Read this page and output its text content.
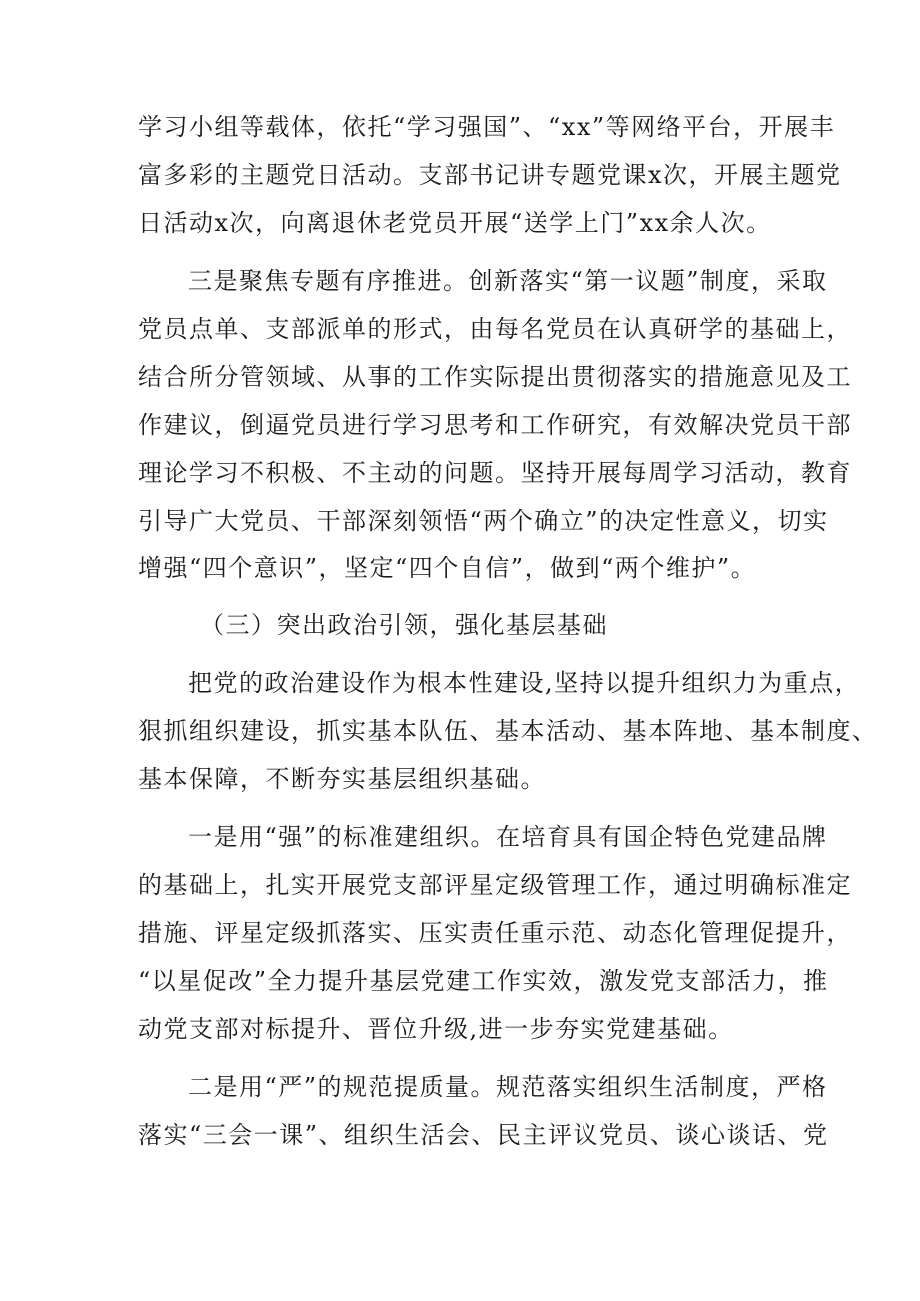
学习小组等载体，依托“学习强国”、“xx”等网络平台，开展丰
富多彩的主题党日活动。支部书记讲专题党课x次，开展主题党
日活动x次，向离退休老党员开展“送学上门”xx余人次。
三是聚焦专题有序推进。创新落实“第一议题”制度，采取
党员点单、支部派单的形式，由每名党员在认真研学的基础上，
结合所分管领域、从事的工作实际提出贯彻落实的措施意见及工
作建议，倒逼党员进行学习思考和工作研究，有效解决党员干部
理论学习不积极、不主动的问题。坚持开展每周学习活动，教育
引导广大党员、干部深刻领悟“两个确立”的决定性意义，切实
增强“四个意识”，坚定“四个自信”，做到“两个维护”。
（三）突出政治引领，强化基层基础
把党的政治建设作为根本性建设,坚持以提升组织力为重点，
狠抓组织建设，抓实基本队伍、基本活动、基本阵地、基本制度、
基本保障，不断夯实基层组织基础。
一是用“强”的标准建组织。在培育具有国企特色党建品牌
的基础上，扎实开展党支部评星定级管理工作，通过明确标准定
措施、评星定级抓落实、压实责任重示范、动态化管理促提升，
“以星促改”全力提升基层党建工作实效，激发党支部活力，推
动党支部对标提升、晋位升级,进一步夯实党建基础。
二是用“严”的规范提质量。规范落实组织生活制度，严格
落实“三会一课”、组织生活会、民主评议党员、谈心谈话、党
